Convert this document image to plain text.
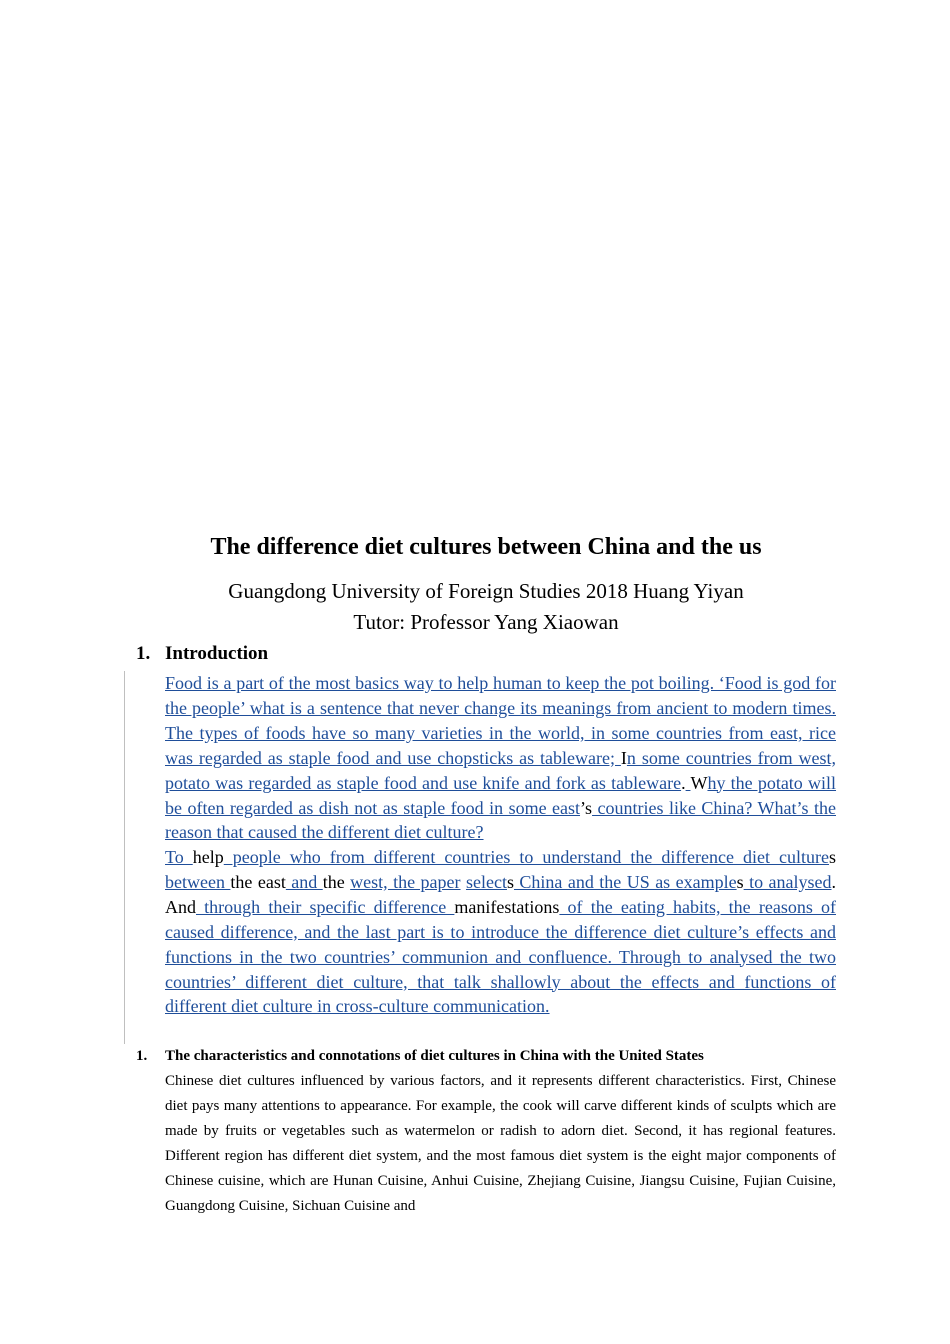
The difference diet cultures between China and the us
Guangdong University of Foreign Studies 2018 Huang Yiyan
Tutor: Professor Yang Xiaowan
1. Introduction

Food is a part of the most basics way to help human to keep the pot boiling. ‘Food is god for the people’ what is a sentence that never change its meanings from ancient to modern times. The types of foods have so many varieties in the world, in some countries from east, rice was regarded as staple food and use chopsticks as tableware; In some countries from west, potato was regarded as staple food and use knife and fork as tableware. Why the potato will be often regarded as dish not as staple food in some east’s countries like China? What’s the reason that caused the different diet culture?

To help people who from different countries to understand the difference diet cultures between the east and the west, the paper selects China and the US as examples to analysed. And through their specific difference manifestations of the eating habits, the reasons of caused difference, and the last part is to introduce the difference diet culture’s effects and functions in the two countries’ communion and confluence. Through to analysed the two countries’ different diet culture, that talk shallowly about the effects and functions of different diet culture in cross-culture communication.

1.	The characteristics and connotations of diet cultures in China with the United States

Chinese diet cultures influenced by various factors, and it represents different characteristics. First, Chinese diet pays many attentions to appearance. For example, the cook will carve different kinds of sculpts which are made by fruits or vegetables such as watermelon or radish to adorn diet. Second, it has regional features. Different region has different diet system, and the most famous diet system is the eight major components of Chinese cuisine, which are Hunan Cuisine, Anhui Cuisine, Zhejiang Cuisine, Jiangsu Cuisine, Fujian Cuisine, Guangdong Cuisine, Sichuan Cuisine and
